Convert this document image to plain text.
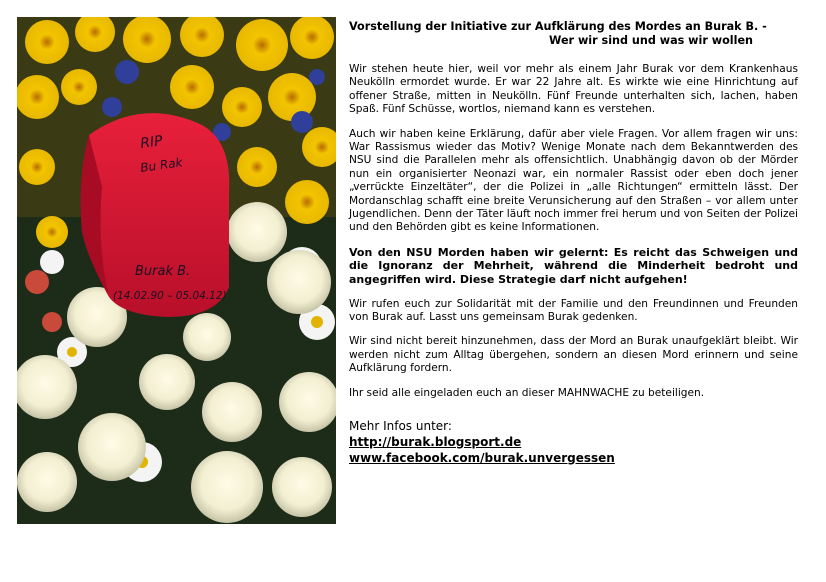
RIP
Bu Rak
Burak B.
(14.02.90 – 05.04.12)
Vorstellung der Initiative zur Aufklärung des Mordes an Burak B. -
Wer wir sind und was wir wollen

Wir stehen heute hier, weil vor mehr als einem Jahr Burak vor dem Krankenhaus Neukölln ermordet wurde. Er war 22 Jahre alt. Es wirkte wie eine Hinrichtung auf offener Straße, mitten in Neukölln. Fünf Freunde unterhalten sich, lachen, haben Spaß. Fünf Schüsse, wortlos, niemand kann es verstehen.

Auch wir haben keine Erklärung, dafür aber viele Fragen. Vor allem fragen wir uns: War Rassismus wieder das Motiv? Wenige Monate nach dem Bekanntwerden des NSU sind die Parallelen mehr als offensichtlich. Unabhängig davon ob der Mörder nun ein organisierter Neonazi war, ein normaler Rassist oder eben doch jener „verrückte Einzeltäter“, der die Polizei in „alle Richtungen“ ermitteln lässt. Der Mordanschlag schafft eine breite Verunsicherung auf den Straßen – vor allem unter Jugendlichen. Denn der Täter läuft noch immer frei herum und von Seiten der Polizei und den Behörden gibt es keine Informationen.

Von den NSU Morden haben wir gelernt: Es reicht das Schweigen und die Ignoranz der Mehrheit, während die Minderheit bedroht und angegriffen wird. Diese Strategie darf nicht aufgehen!

Wir rufen euch zur Solidarität mit der Familie und den Freundinnen und Freunden von Burak auf. Lasst uns gemeinsam Burak gedenken.

Wir sind nicht bereit hinzunehmen, dass der Mord an Burak unaufgeklärt bleibt. Wir werden nicht zum Alltag übergehen, sondern an diesen Mord erinnern und seine Aufklärung fordern.

Ihr seid alle eingeladen euch an dieser MAHNWACHE zu beteiligen.

Mehr Infos unter:
http://burak.blogsport.de
www.facebook.com/burak.unvergessen
